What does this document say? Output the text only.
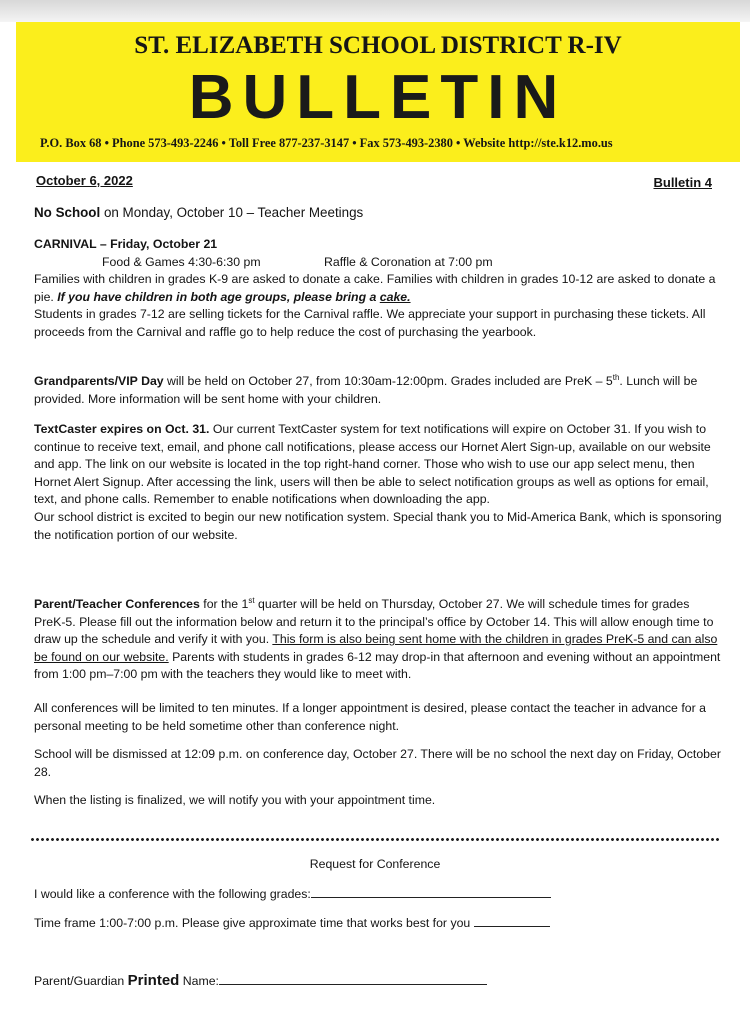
ST. ELIZABETH SCHOOL DISTRICT R-IV
BULLETIN
P.O. Box 68 • Phone 573-493-2246 • Toll Free 877-237-3147 • Fax 573-493-2380 • Website http://ste.k12.mo.us
October 6, 2022	Bulletin 4
No School on Monday, October 10 – Teacher Meetings
CARNIVAL – Friday, October 21
Food & Games 4:30-6:30 pm	Raffle & Coronation at 7:00 pm
Families with children in grades K-9 are asked to donate a cake. Families with children in grades 10-12 are asked to donate a pie. If you have children in both age groups, please bring a cake.
Students in grades 7-12 are selling tickets for the Carnival raffle. We appreciate your support in purchasing these tickets. All proceeds from the Carnival and raffle go to help reduce the cost of purchasing the yearbook.
Grandparents/VIP Day will be held on October 27, from 10:30am-12:00pm. Grades included are PreK – 5th. Lunch will be provided. More information will be sent home with your children.
TextCaster expires on Oct. 31. Our current TextCaster system for text notifications will expire on October 31. If you wish to continue to receive text, email, and phone call notifications, please access our Hornet Alert Sign-up, available on our website and app. The link on our website is located in the top right-hand corner. Those who wish to use our app select menu, then Hornet Alert Signup. After accessing the link, users will then be able to select notification groups as well as options for email, text, and phone calls. Remember to enable notifications when downloading the app.
Our school district is excited to begin our new notification system. Special thank you to Mid-America Bank, which is sponsoring the notification portion of our website.
Parent/Teacher Conferences for the 1st quarter will be held on Thursday, October 27. We will schedule times for grades PreK-5. Please fill out the information below and return it to the principal’s office by October 14. This will allow enough time to draw up the schedule and verify it with you. This form is also being sent home with the children in grades PreK-5 and can also be found on our website. Parents with students in grades 6-12 may drop-in that afternoon and evening without an appointment from 1:00 pm–7:00 pm with the teachers they would like to meet with.
All conferences will be limited to ten minutes. If a longer appointment is desired, please contact the teacher in advance for a personal meeting to be held sometime other than conference night.
School will be dismissed at 12:09 p.m. on conference day, October 27. There will be no school the next day on Friday, October 28.
When the listing is finalized, we will notify you with your appointment time.
Request for Conference
I would like a conference with the following grades:
Time frame 1:00-7:00 p.m. Please give approximate time that works best for you
Parent/Guardian Printed Name:
